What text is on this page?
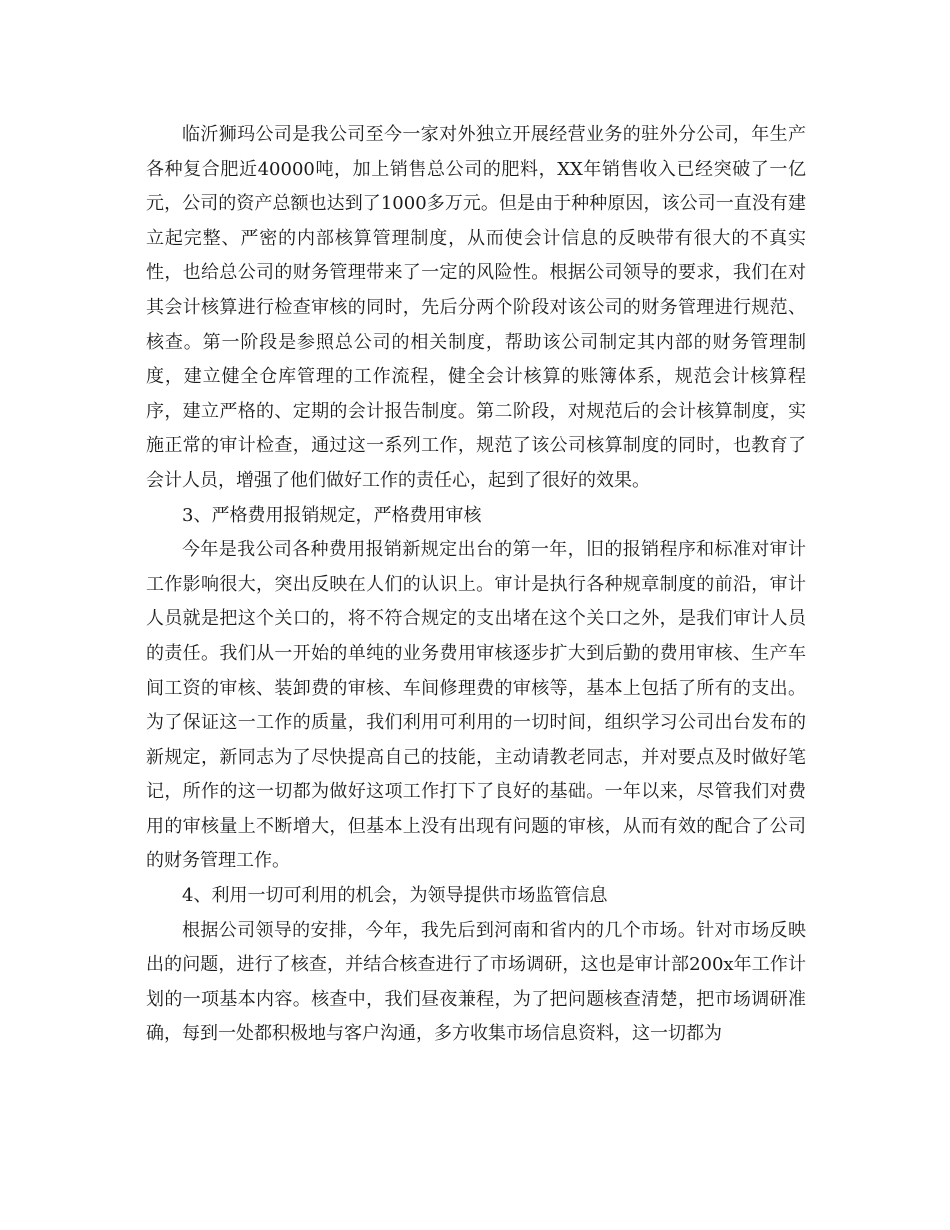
临沂狮玛公司是我公司至今一家对外独立开展经营业务的驻外分公司，年生产各种复合肥近40000吨，加上销售总公司的肥料，XX年销售收入已经突破了一亿元，公司的资产总额也达到了1000多万元。但是由于种种原因，该公司一直没有建立起完整、严密的内部核算管理制度，从而使会计信息的反映带有很大的不真实性，也给总公司的财务管理带来了一定的风险性。根据公司领导的要求，我们在对其会计核算进行检查审核的同时，先后分两个阶段对该公司的财务管理进行规范、核查。第一阶段是参照总公司的相关制度，帮助该公司制定其内部的财务管理制度，建立健全仓库管理的工作流程，健全会计核算的账簿体系，规范会计核算程序，建立严格的、定期的会计报告制度。第二阶段，对规范后的会计核算制度，实施正常的审计检查，通过这一系列工作，规范了该公司核算制度的同时，也教育了会计人员，增强了他们做好工作的责任心，起到了很好的效果。

3、严格费用报销规定，严格费用审核

今年是我公司各种费用报销新规定出台的第一年，旧的报销程序和标准对审计工作影响很大，突出反映在人们的认识上。审计是执行各种规章制度的前沿，审计人员就是把这个关口的，将不符合规定的支出堵在这个关口之外，是我们审计人员的责任。我们从一开始的单纯的业务费用审核逐步扩大到后勤的费用审核、生产车间工资的审核、装卸费的审核、车间修理费的审核等，基本上包括了所有的支出。为了保证这一工作的质量，我们利用可利用的一切时间，组织学习公司出台发布的新规定，新同志为了尽快提高自己的技能，主动请教老同志，并对要点及时做好笔记，所作的这一切都为做好这项工作打下了良好的基础。一年以来，尽管我们对费用的审核量上不断增大，但基本上没有出现有问题的审核，从而有效的配合了公司的财务管理工作。

4、利用一切可利用的机会，为领导提供市场监管信息

根据公司领导的安排，今年，我先后到河南和省内的几个市场。针对市场反映出的问题，进行了核查，并结合核查进行了市场调研，这也是审计部200x年工作计划的一项基本内容。核查中，我们昼夜兼程，为了把问题核查清楚，把市场调研准确，每到一处都积极地与客户沟通，多方收集市场信息资料，这一切都为
